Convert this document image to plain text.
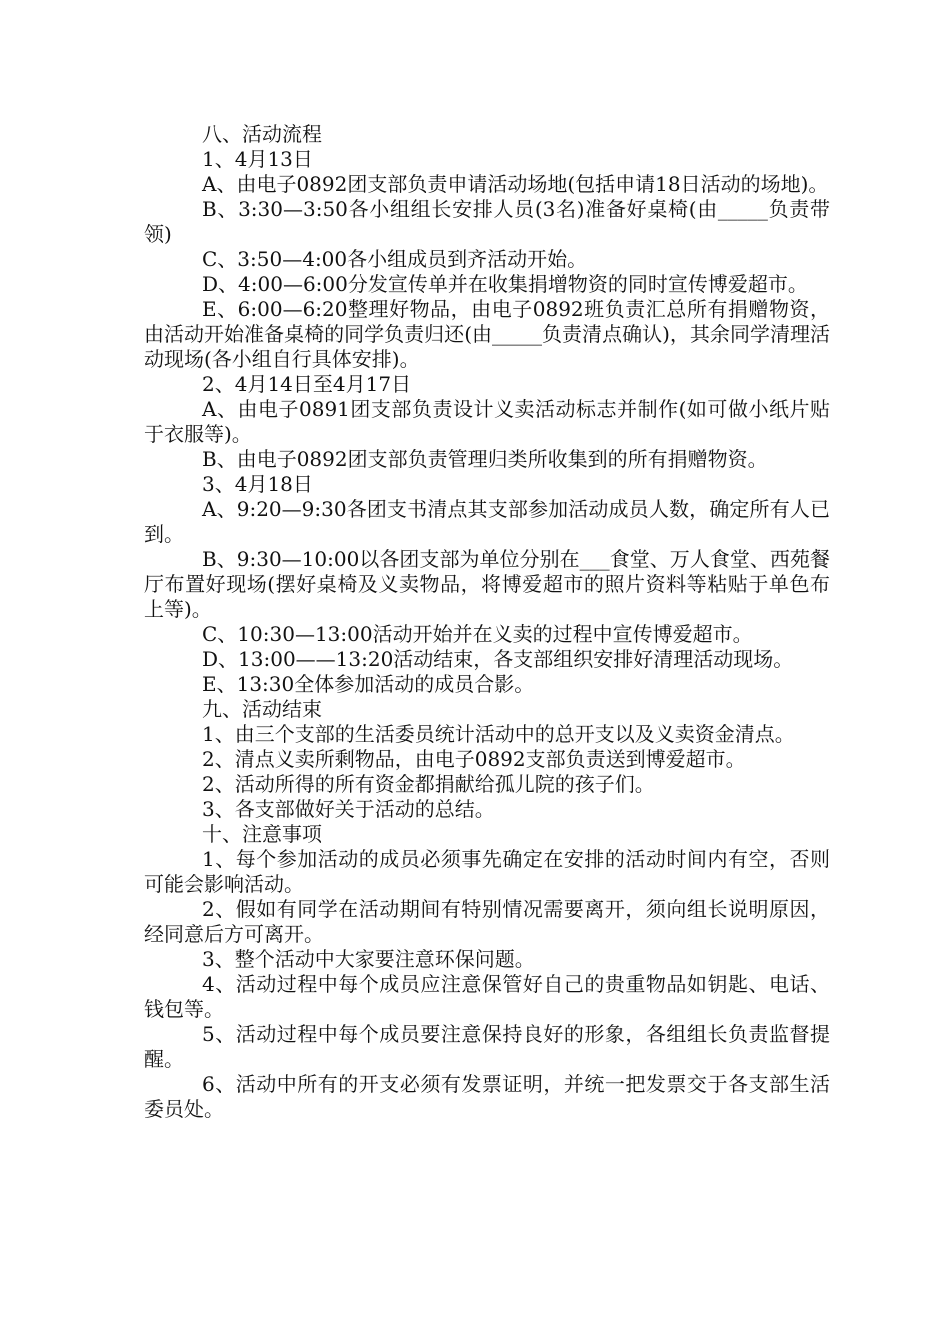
八、活动流程

1、4月13日

A、由电子0892团支部负责申请活动场地(包括申请18日活动的场地)。

B、3:30—3:50各小组组长安排人员(3名)准备好桌椅(由_____负责带领)

C、3:50—4:00各小组成员到齐活动开始。

D、4:00—6:00分发宣传单并在收集捐增物资的同时宣传博爱超市。

E、6:00—6:20整理好物品，由电子0892班负责汇总所有捐赠物资，由活动开始准备桌椅的同学负责归还(由_____负责清点确认)，其余同学清理活动现场(各小组自行具体安排)。

2、4月14日至4月17日

A、由电子0891团支部负责设计义卖活动标志并制作(如可做小纸片贴于衣服等)。

B、由电子0892团支部负责管理归类所收集到的所有捐赠物资。

3、4月18日

A、9:20—9:30各团支书清点其支部参加活动成员人数，确定所有人已到。

B、9:30—10:00以各团支部为单位分别在___食堂、万人食堂、西苑餐厅布置好现场(摆好桌椅及义卖物品，将博爱超市的照片资料等粘贴于单色布上等)。

C、10:30—13:00活动开始并在义卖的过程中宣传博爱超市。

D、13:00——13:20活动结束，各支部组织安排好清理活动现场。

E、13:30全体参加活动的成员合影。

九、活动结束

1、由三个支部的生活委员统计活动中的总开支以及义卖资金清点。

2、清点义卖所剩物品，由电子0892支部负责送到博爱超市。

2、活动所得的所有资金都捐献给孤儿院的孩子们。

3、各支部做好关于活动的总结。

十、注意事项

1、每个参加活动的成员必须事先确定在安排的活动时间内有空，否则可能会影响活动。

2、假如有同学在活动期间有特别情况需要离开，须向组长说明原因，经同意后方可离开。

3、整个活动中大家要注意环保问题。

4、活动过程中每个成员应注意保管好自己的贵重物品如钥匙、电话、钱包等。

5、活动过程中每个成员要注意保持良好的形象，各组组长负责监督提醒。

6、活动中所有的开支必须有发票证明，并统一把发票交于各支部生活委员处。
